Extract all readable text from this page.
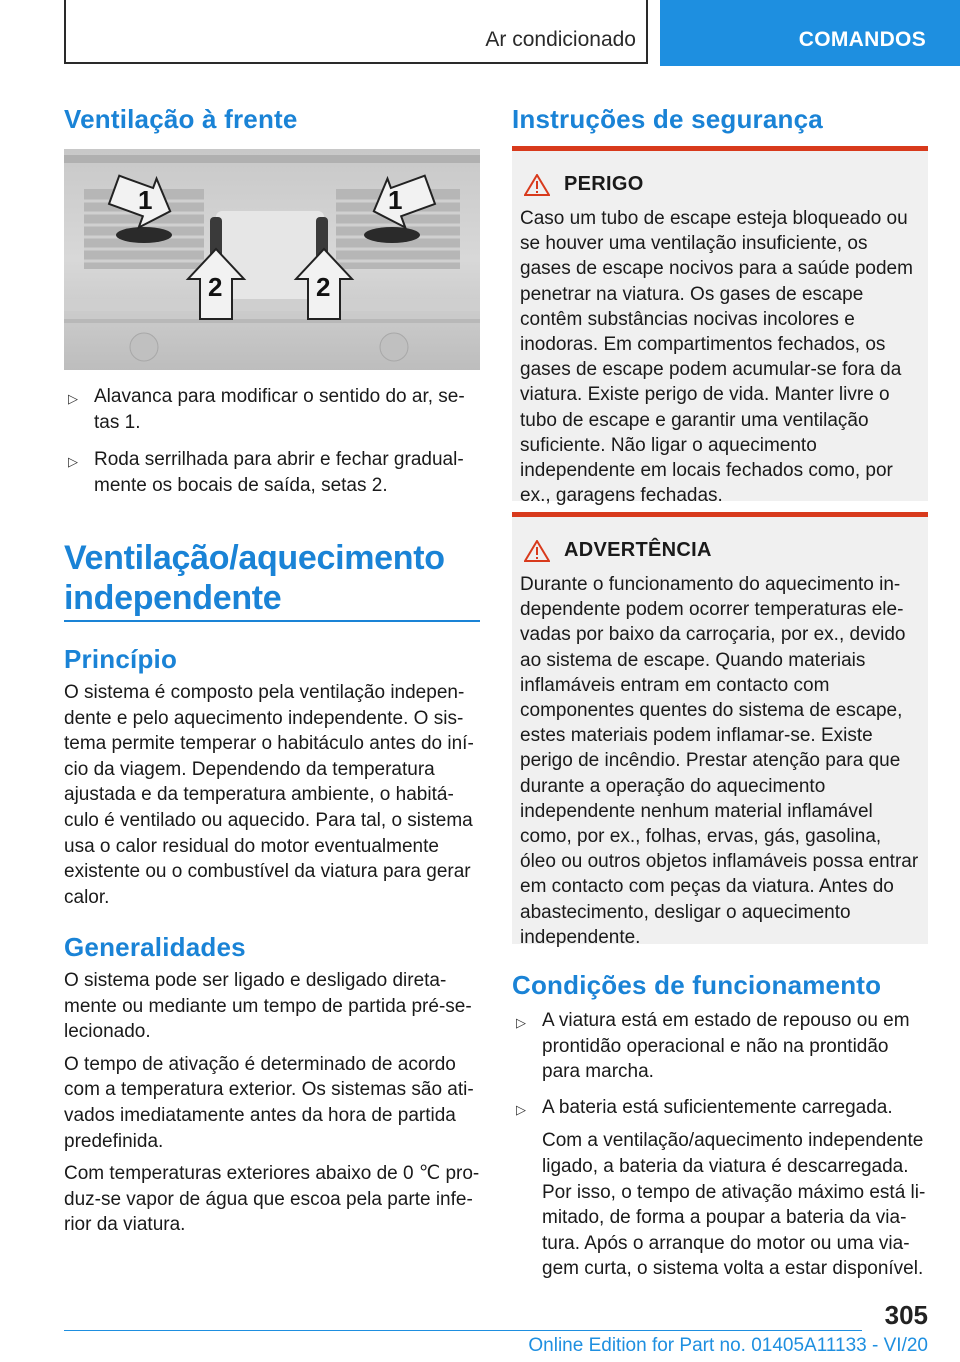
Ar condicionado	COMANDOS
Ventilação à frente
1	1
2	2
▷ Alavanca para modificar o sentido do ar, setas 1.
▷ Roda serrilhada para abrir e fechar gradualmente os bocais de saída, setas 2.
Ventilação/aquecimento independente
Princípio

O sistema é composto pela ventilação independente e pelo aquecimento independente. O sistema permite temperar o habitáculo antes do início da viagem. Dependendo da temperatura ajustada e da temperatura ambiente, o habitáculo é ventilado ou aquecido. Para tal, o sistema usa o calor residual do motor eventualmente existente ou o combustível da viatura para gerar calor.

Generalidades

O sistema pode ser ligado e desligado diretamente ou mediante um tempo de partida pré-selecionado.

O tempo de ativação é determinado de acordo com a temperatura exterior. Os sistemas são ativados imediatamente antes da hora de partida predefinida.

Com temperaturas exteriores abaixo de 0 ℃ produz-se vapor de água que escoa pela parte inferior da viatura.

Instruções de segurança
PERIGO

Caso um tubo de escape esteja bloqueado ou se houver uma ventilação insuficiente, os gases de escape nocivos para a saúde podem penetrar na viatura. Os gases de escape contêm substâncias nocivas incolores e inodoras. Em compartimentos fechados, os gases de escape podem acumular-se fora da viatura. Existe perigo de vida. Manter livre o tubo de escape e garantir uma ventilação suficiente. Não ligar o aquecimento independente em locais fechados como, por ex., garagens fechadas.

ADVERTÊNCIA

Durante o funcionamento do aquecimento independente podem ocorrer temperaturas elevadas por baixo da carroçaria, por ex., devido ao sistema de escape. Quando materiais inflamáveis entram em contacto com componentes quentes do sistema de escape, estes materiais podem inflamar-se. Existe perigo de incêndio. Prestar atenção para que durante a operação do aquecimento independente nenhum material inflamável como, por ex., folhas, ervas, gás, gasolina, óleo ou outros objetos inflamáveis possa entrar em contacto com peças da viatura. Antes do abastecimento, desligar o aquecimento independente.

Condições de funcionamento
▷ A viatura está em estado de repouso ou em prontidão operacional e não na prontidão para marcha.
▷ A bateria está suficientemente carregada.

Com a ventilação/aquecimento independente ligado, a bateria da viatura é descarregada. Por isso, o tempo de ativação máximo está limitado, de forma a poupar a bateria da viatura. Após o arranque do motor ou uma viagem curta, o sistema volta a estar disponível.

305
Online Edition for Part no. 01405A11133 - VI/20
